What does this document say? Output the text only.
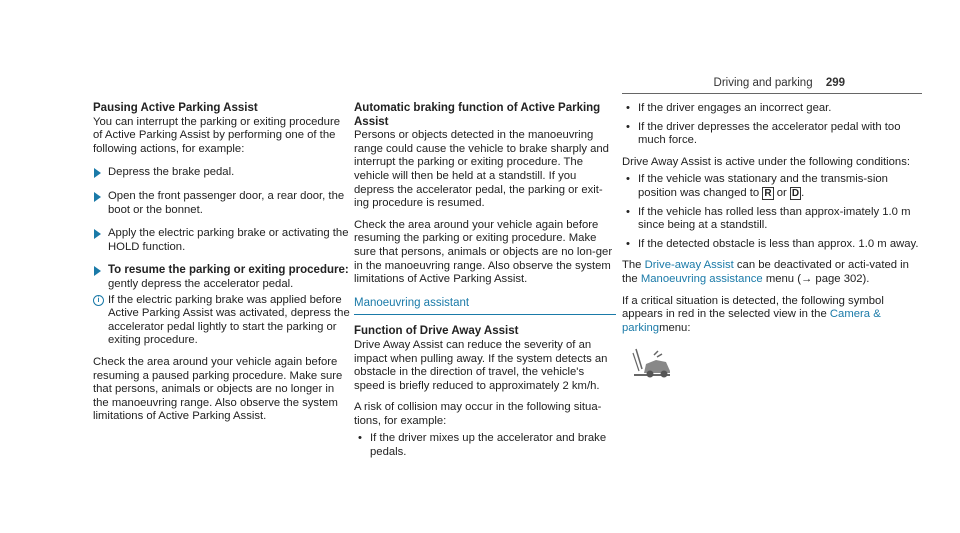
Driving and parking 299
Pausing Active Parking Assist

You can interrupt the parking or exiting procedure of Active Parking Assist by performing one of the following actions, for example:

Depress the brake pedal.
Open the front passenger door, a rear door, the boot or the bonnet.
Apply the electric parking brake or activating the HOLD function.
To resume the parking or exiting procedure:
gently depress the accelerator pedal.
i If the electric parking brake was applied before Active Parking Assist was activated, depress the accelerator pedal lightly to start the parking or exiting procedure.

Check the area around your vehicle again before resuming a paused parking procedure. Make sure that persons, animals or objects are no longer in the manoeuvring range. Also observe the system limitations of Active Parking Assist.

Automatic braking function of Active Parking Assist

Persons or objects detected in the manoeuvring range could cause the vehicle to brake sharply and interrupt the parking or exiting procedure. The vehicle will then be held at a standstill. If you depress the accelerator pedal, the parking or exit-ing procedure is resumed.

Check the area around your vehicle again before resuming the parking or exiting procedure. Make sure that persons, animals or objects are no lon-ger in the manoeuvring range. Also observe the system limitations of Active Parking Assist.

Manoeuvring assistant
Function of Drive Away Assist

Drive Away Assist can reduce the severity of an impact when pulling away. If the system detects an obstacle in the direction of travel, the vehicle's speed is briefly reduced to approximately 2 km/h.

A risk of collision may occur in the following situa-tions, for example:

• If the driver mixes up the accelerator and brake pedals.
• If the driver engages an incorrect gear.
• If the driver depresses the accelerator pedal with too much force.

Drive Away Assist is active under the following conditions:

• If the vehicle was stationary and the transmis-sion position was changed to R or D .
• If the vehicle has rolled less than approx-imately 1.0 m since being at a standstill.
• If the detected obstacle is less than approx. 1.0 m away.

The Drive-away Assist can be deactivated or acti-vated in the Manoeuvring assistance menu (→ page 302).

If a critical situation is detected, the following symbol appears in red in the selected view in the Camera & parkingmenu:
